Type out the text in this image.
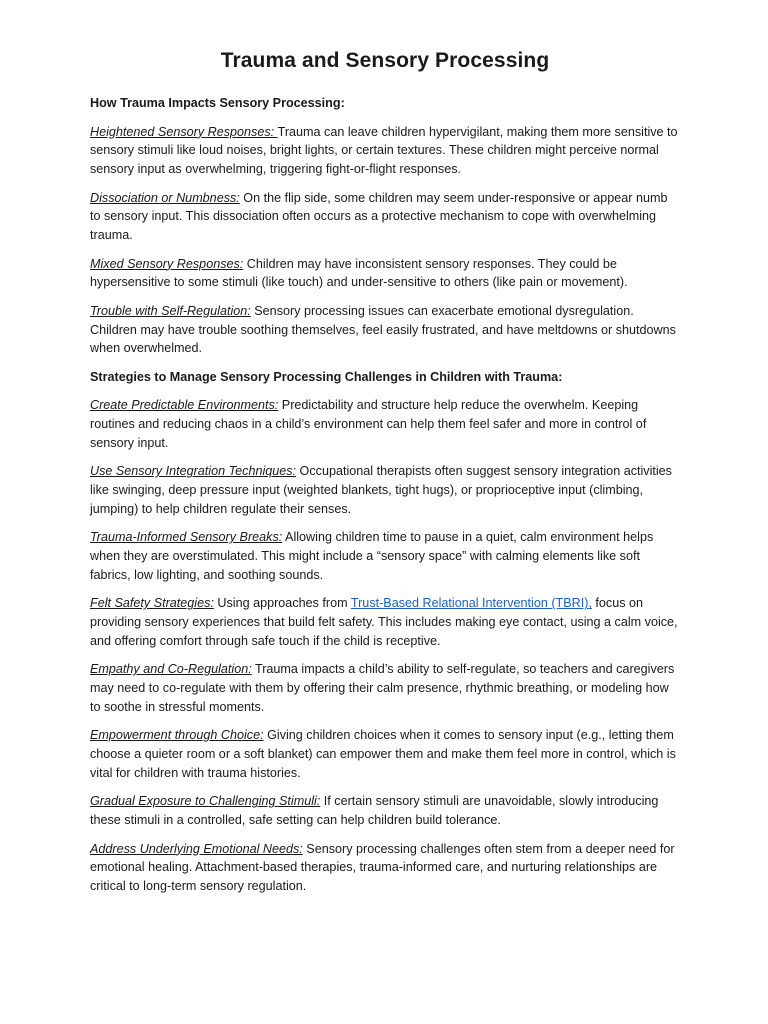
Trauma and Sensory Processing
How Trauma Impacts Sensory Processing:

Heightened Sensory Responses: Trauma can leave children hypervigilant, making them more sensitive to sensory stimuli like loud noises, bright lights, or certain textures. These children might perceive normal sensory input as overwhelming, triggering fight-or-flight responses.

Dissociation or Numbness: On the flip side, some children may seem under-responsive or appear numb to sensory input. This dissociation often occurs as a protective mechanism to cope with overwhelming trauma.

Mixed Sensory Responses: Children may have inconsistent sensory responses. They could be hypersensitive to some stimuli (like touch) and under-sensitive to others (like pain or movement).

Trouble with Self-Regulation: Sensory processing issues can exacerbate emotional dysregulation. Children may have trouble soothing themselves, feel easily frustrated, and have meltdowns or shutdowns when overwhelmed.

Strategies to Manage Sensory Processing Challenges in Children with Trauma:

Create Predictable Environments: Predictability and structure help reduce the overwhelm. Keeping routines and reducing chaos in a child’s environment can help them feel safer and more in control of sensory input.

Use Sensory Integration Techniques: Occupational therapists often suggest sensory integration activities like swinging, deep pressure input (weighted blankets, tight hugs), or proprioceptive input (climbing, jumping) to help children regulate their senses.

Trauma-Informed Sensory Breaks: Allowing children time to pause in a quiet, calm environment helps when they are overstimulated. This might include a “sensory space” with calming elements like soft fabrics, low lighting, and soothing sounds.

Felt Safety Strategies: Using approaches from Trust-Based Relational Intervention (TBRI), focus on providing sensory experiences that build felt safety. This includes making eye contact, using a calm voice, and offering comfort through safe touch if the child is receptive.

Empathy and Co-Regulation: Trauma impacts a child’s ability to self-regulate, so teachers and caregivers may need to co-regulate with them by offering their calm presence, rhythmic breathing, or modeling how to soothe in stressful moments.

Empowerment through Choice: Giving children choices when it comes to sensory input (e.g., letting them choose a quieter room or a soft blanket) can empower them and make them feel more in control, which is vital for children with trauma histories.

Gradual Exposure to Challenging Stimuli: If certain sensory stimuli are unavoidable, slowly introducing these stimuli in a controlled, safe setting can help children build tolerance.

Address Underlying Emotional Needs: Sensory processing challenges often stem from a deeper need for emotional healing. Attachment-based therapies, trauma-informed care, and nurturing relationships are critical to long-term sensory regulation.
